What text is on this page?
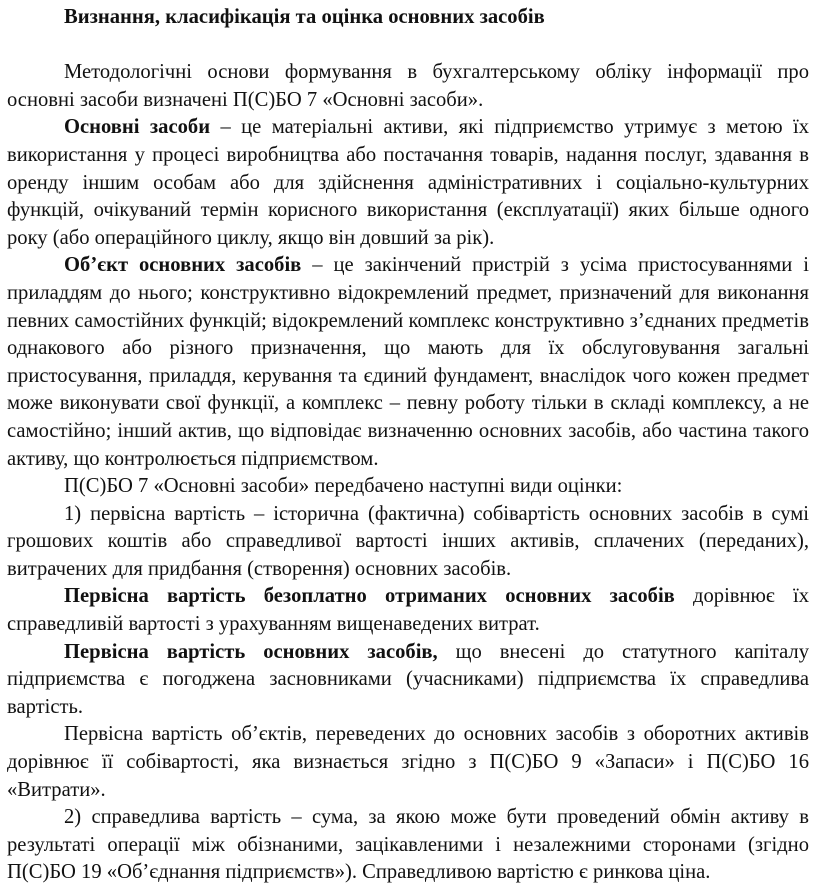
Визнання, класифікація та оцінка основних засобів

Методологічні основи формування в бухгалтерському обліку інформації про основні засоби визначені П(С)БО 7 «Основні засоби».

Основні засоби – це матеріальні активи, які підприємство утримує з метою їх використання у процесі виробництва або постачання товарів, надання послуг, здавання в оренду іншим особам або для здійснення адміністративних і соціально-культурних функцій, очікуваний термін корисного використання (експлуатації) яких більше одного року (або операційного циклу, якщо він довший за рік).

Об’єкт основних засобів – це закінчений пристрій з усіма пристосуваннями і приладдям до нього; конструктивно відокремлений предмет, призначений для виконання певних самостійних функцій; відокремлений комплекс конструктивно з’єднаних предметів однакового або різного призначення, що мають для їх обслуговування загальні пристосування, приладдя, керування та єдиний фундамент, внаслідок чого кожен предмет може виконувати свої функції, а комплекс – певну роботу тільки в складі комплексу, а не самостійно; інший актив, що відповідає визначенню основних засобів, або частина такого активу, що контролюється підприємством.

П(С)БО 7 «Основні засоби» передбачено наступні види оцінки:

1) первісна вартість – історична (фактична) собівартість основних засобів в сумі грошових коштів або справедливої вартості інших активів, сплачених (переданих), витрачених для придбання (створення) основних засобів.

Первісна вартість безоплатно отриманих основних засобів дорівнює їх справедливій вартості з урахуванням вищенаведених витрат.

Первісна вартість основних засобів, що внесені до статутного капіталу підприємства є погоджена засновниками (учасниками) підприємства їх справедлива вартість.

Первісна вартість об’єктів, переведених до основних засобів з оборотних активів дорівнює її собівартості, яка визнається згідно з П(С)БО 9 «Запаси» і П(С)БО 16 «Витрати».

2) справедлива вартість – сума, за якою може бути проведений обмін активу в результаті операції між обізнаними, зацікавленими і незалежними сторонами (згідно П(С)БО 19 «Об’єднання підприємств»). Справедливою вартістю є ринкова ціна.
